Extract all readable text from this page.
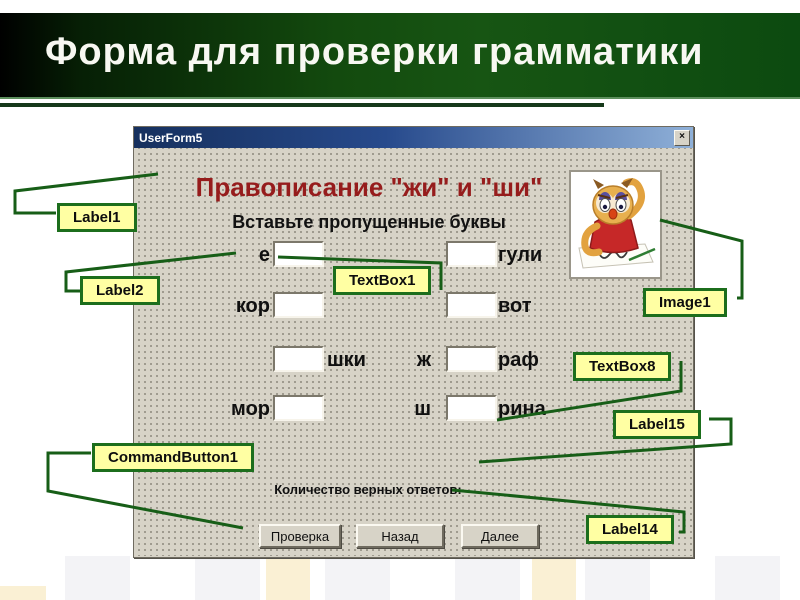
Форма для проверки грамматики
UserForm5	×
Правописание "жи" и "ши"
Вставьте пропущенные буквы
е	гули
кор	вот
шки	ж	раф
мор	ш	рина
Количество верных ответов:
Проверка	Назад	Далее
Label1
Label2
TextBox1
Image1
TextBox8
Label15
CommandButton1
Label14
